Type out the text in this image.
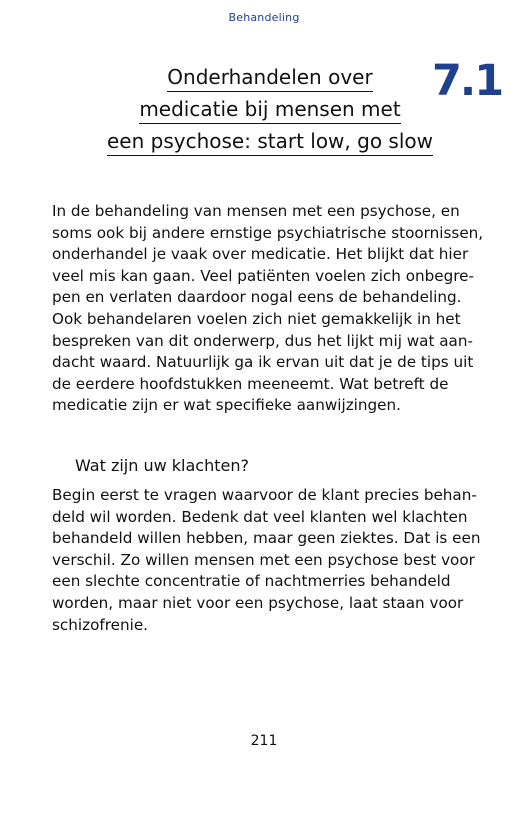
Behandeling
Onderhandelen over
medicatie bij mensen met
een psychose: start low, go slow
7.1
In de behandeling van mensen met een psychose, en
soms ook bij andere ernstige psychiatrische stoornissen,
onderhandel je vaak over medicatie. Het blijkt dat hier
veel mis kan gaan. Veel patiënten voelen zich onbegre-
pen en verlaten daardoor nogal eens de behandeling.
Ook behandelaren voelen zich niet gemakkelijk in het
bespreken van dit onderwerp, dus het lijkt mij wat aan-
dacht waard. Natuurlijk ga ik ervan uit dat je de tips uit
de eerdere hoofdstukken meeneemt. Wat betreft de
medicatie zijn er wat specifieke aanwijzingen.
Wat zijn uw klachten?
Begin eerst te vragen waarvoor de klant precies behan-
deld wil worden. Bedenk dat veel klanten wel klachten
behandeld willen hebben, maar geen ziektes. Dat is een
verschil. Zo willen mensen met een psychose best voor
een slechte concentratie of nachtmerries behandeld
worden, maar niet voor een psychose, laat staan voor
schizofrenie.
211
